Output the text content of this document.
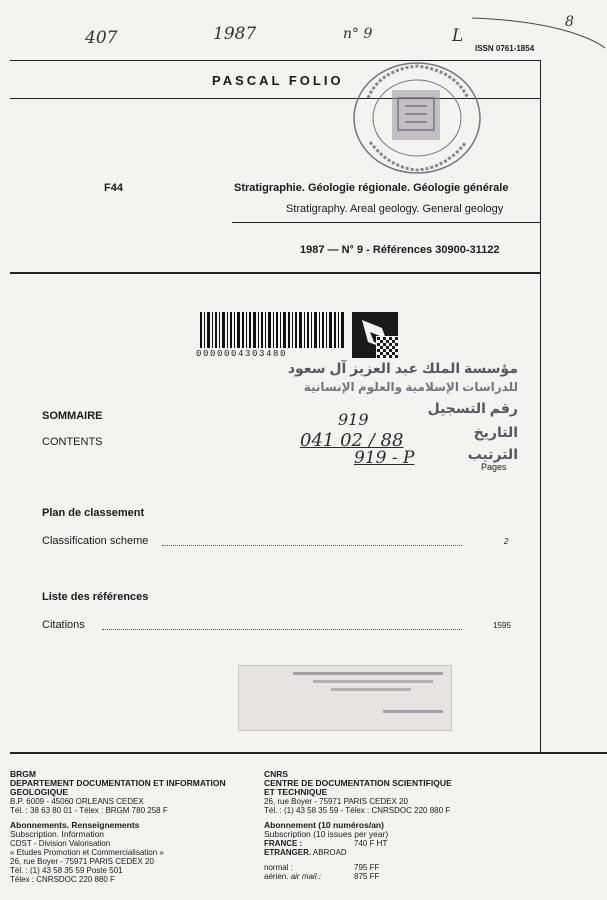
407	1987	n° 9	L
8
ISSN 0761-1854
PASCAL FOLIO
F44	Stratigraphie. Géologie régionale. Géologie générale
Stratigraphy. Areal geology. General geology
1987 — N° 9 - Références 30900-31122
0000004303480
مؤسسة الملك عبد العزيز آل سعود
للدراسات الإسلامية والعلوم الإنسانية
رقم التسجيل
919
التاريخ
041 02 / 88
الترتيب
919 - P
SOMMAIRE
CONTENTS
Pages
Plan de classement
Classification scheme	2
Liste des références
Citations	1595
BRGM
DEPARTEMENT DOCUMENTATION ET INFORMATION
GEOLOGIQUE
B.P. 6009 - 45060 ORLEANS CEDEX
Tél. : 38 63 80 01 - Télex : BRGM 780 258 F
Abonnements. Renseignements
Subscription. Information
CDST - Division Valorisation
« Etudes Promotion et Commercialisation »
26, rue Boyer - 75971 PARIS CEDEX 20
Tél. : (1) 43 58 35 59 Poste 501
Télex : CNRSDOC 220 880 F
CNRS
CENTRE DE DOCUMENTATION SCIENTIFIQUE
ET TECHNIQUE
26, rue Boyer - 75971 PARIS CEDEX 20
Tél. : (1) 43 58 35 59 - Télex : CNRSDOC 220 880 F
Abonnement (10 numéros/an)
Subscription (10 issues per year)
FRANCE :	740 F HT
ETRANGER. ABROAD
normal :	795 FF
aérien. air mail :	875 FF
